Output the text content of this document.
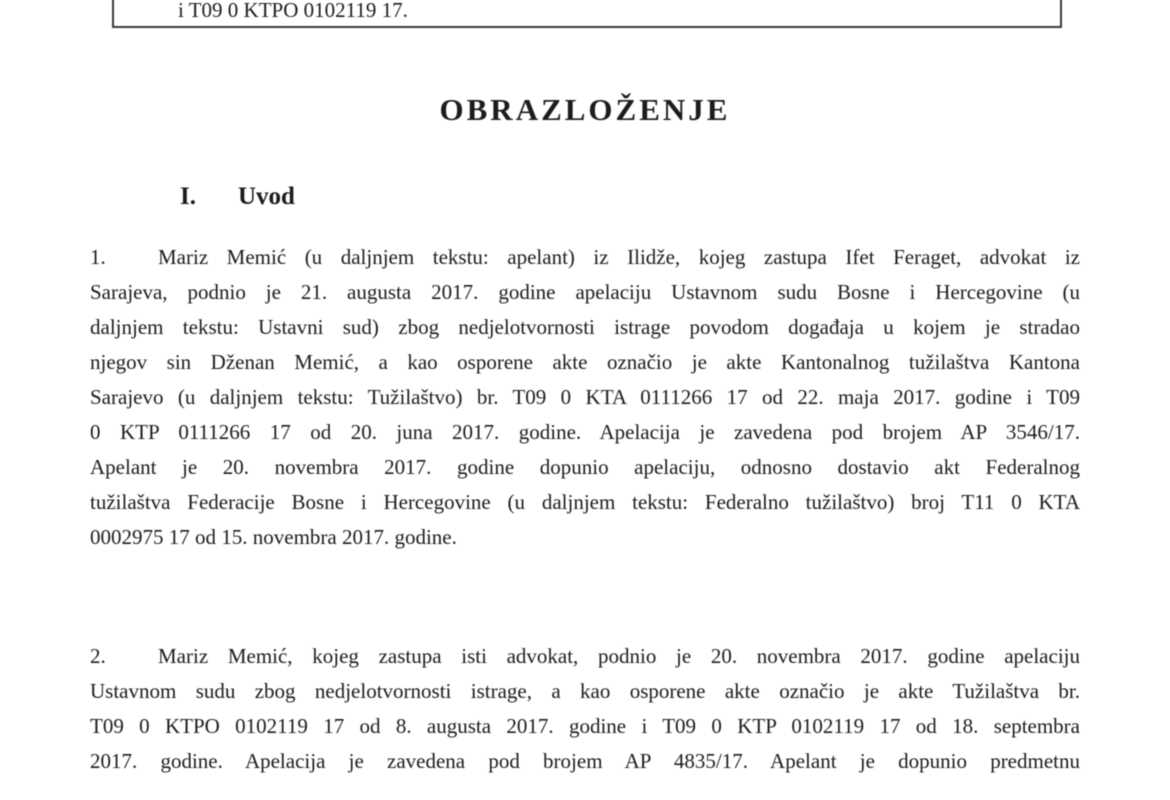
i T09 0 KTPO 0102119 17.
OBRAZLOŽENJE
I. Uvod
1. Mariz Memić (u daljnjem tekstu: apelant) iz Ilidže, kojeg zastupa Ifet Feraget, advokat iz
Sarajeva, podnio je 21. augusta 2017. godine apelaciju Ustavnom sudu Bosne i Hercegovine (u
daljnjem tekstu: Ustavni sud) zbog nedjelotvornosti istrage povodom događaja u kojem je stradao
njegov sin Dženan Memić, a kao osporene akte označio je akte Kantonalnog tužilaštva Kantona
Sarajevo (u daljnjem tekstu: Tužilaštvo) br. T09 0 KTA 0111266 17 od 22. maja 2017. godine i T09
0 KTP 0111266 17 od 20. juna 2017. godine. Apelacija je zavedena pod brojem AP 3546/17.
Apelant je 20. novembra 2017. godine dopunio apelaciju, odnosno dostavio akt Federalnog
tužilaštva Federacije Bosne i Hercegovine (u daljnjem tekstu: Federalno tužilaštvo) broj T11 0 KTA
0002975 17 od 15. novembra 2017. godine.
2. Mariz Memić, kojeg zastupa isti advokat, podnio je 20. novembra 2017. godine apelaciju
Ustavnom sudu zbog nedjelotvornosti istrage, a kao osporene akte označio je akte Tužilaštva br.
T09 0 KTPO 0102119 17 od 8. augusta 2017. godine i T09 0 KTP 0102119 17 od 18. septembra
2017. godine. Apelacija je zavedena pod brojem AP 4835/17. Apelant je dopunio predmetnu
